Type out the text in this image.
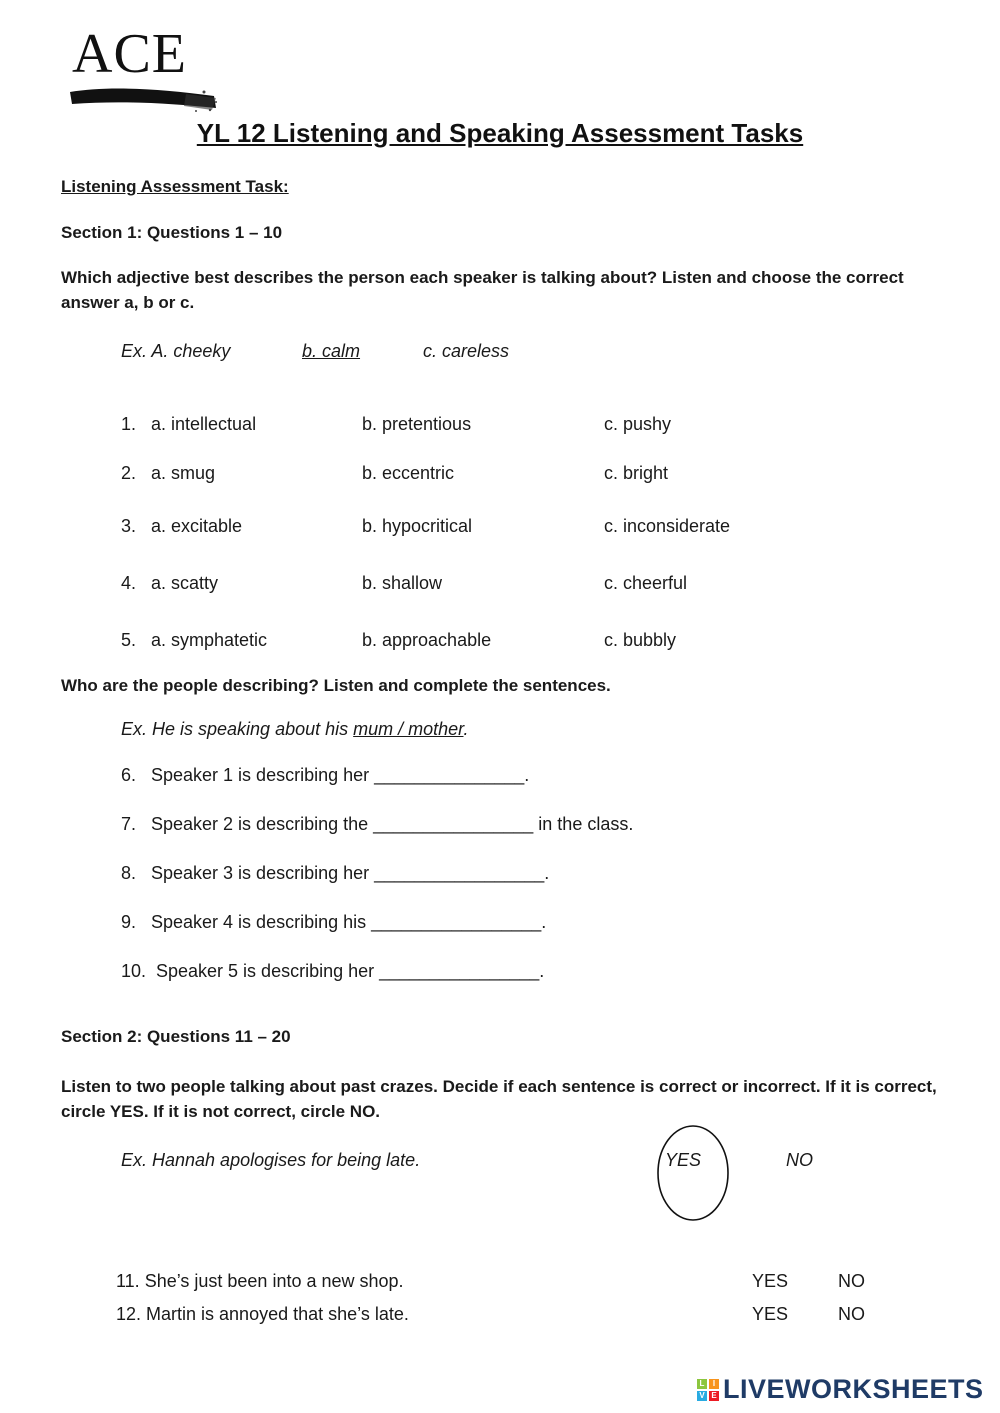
ACE
YL 12 Listening and Speaking Assessment Tasks
Listening Assessment Task:
Section 1: Questions 1 – 10
Which adjective best describes the person each speaker is talking about? Listen and choose the correct answer a, b or c.
Ex. A. cheeky	b. calm	c. careless
1. a. intellectual	b. pretentious	c. pushy
2. a. smug	b. eccentric	c. bright
3. a. excitable	b. hypocritical	c. inconsiderate
4. a. scatty	b. shallow	c. cheerful
5. a. symphatetic	b. approachable	c. bubbly
Who are the people describing? Listen and complete the sentences.
Ex. He is speaking about his mum / mother.
6. Speaker 1 is describing her _______________.
7. Speaker 2 is describing the ________________ in the class.
8. Speaker 3 is describing her _________________.
9. Speaker 4 is describing his _________________.
10. Speaker 5 is describing her ________________.
Section 2: Questions 11 – 20
Listen to two people talking about past crazes. Decide if each sentence is correct or incorrect. If it is correct, circle YES. If it is not correct, circle NO.
Ex. Hannah apologises for being late.	YES	NO
11. She’s just been into a new shop.	YES	NO
12. Martin is annoyed that she’s late.	YES	NO
L	I
V E LIVEWORKSHEETS
